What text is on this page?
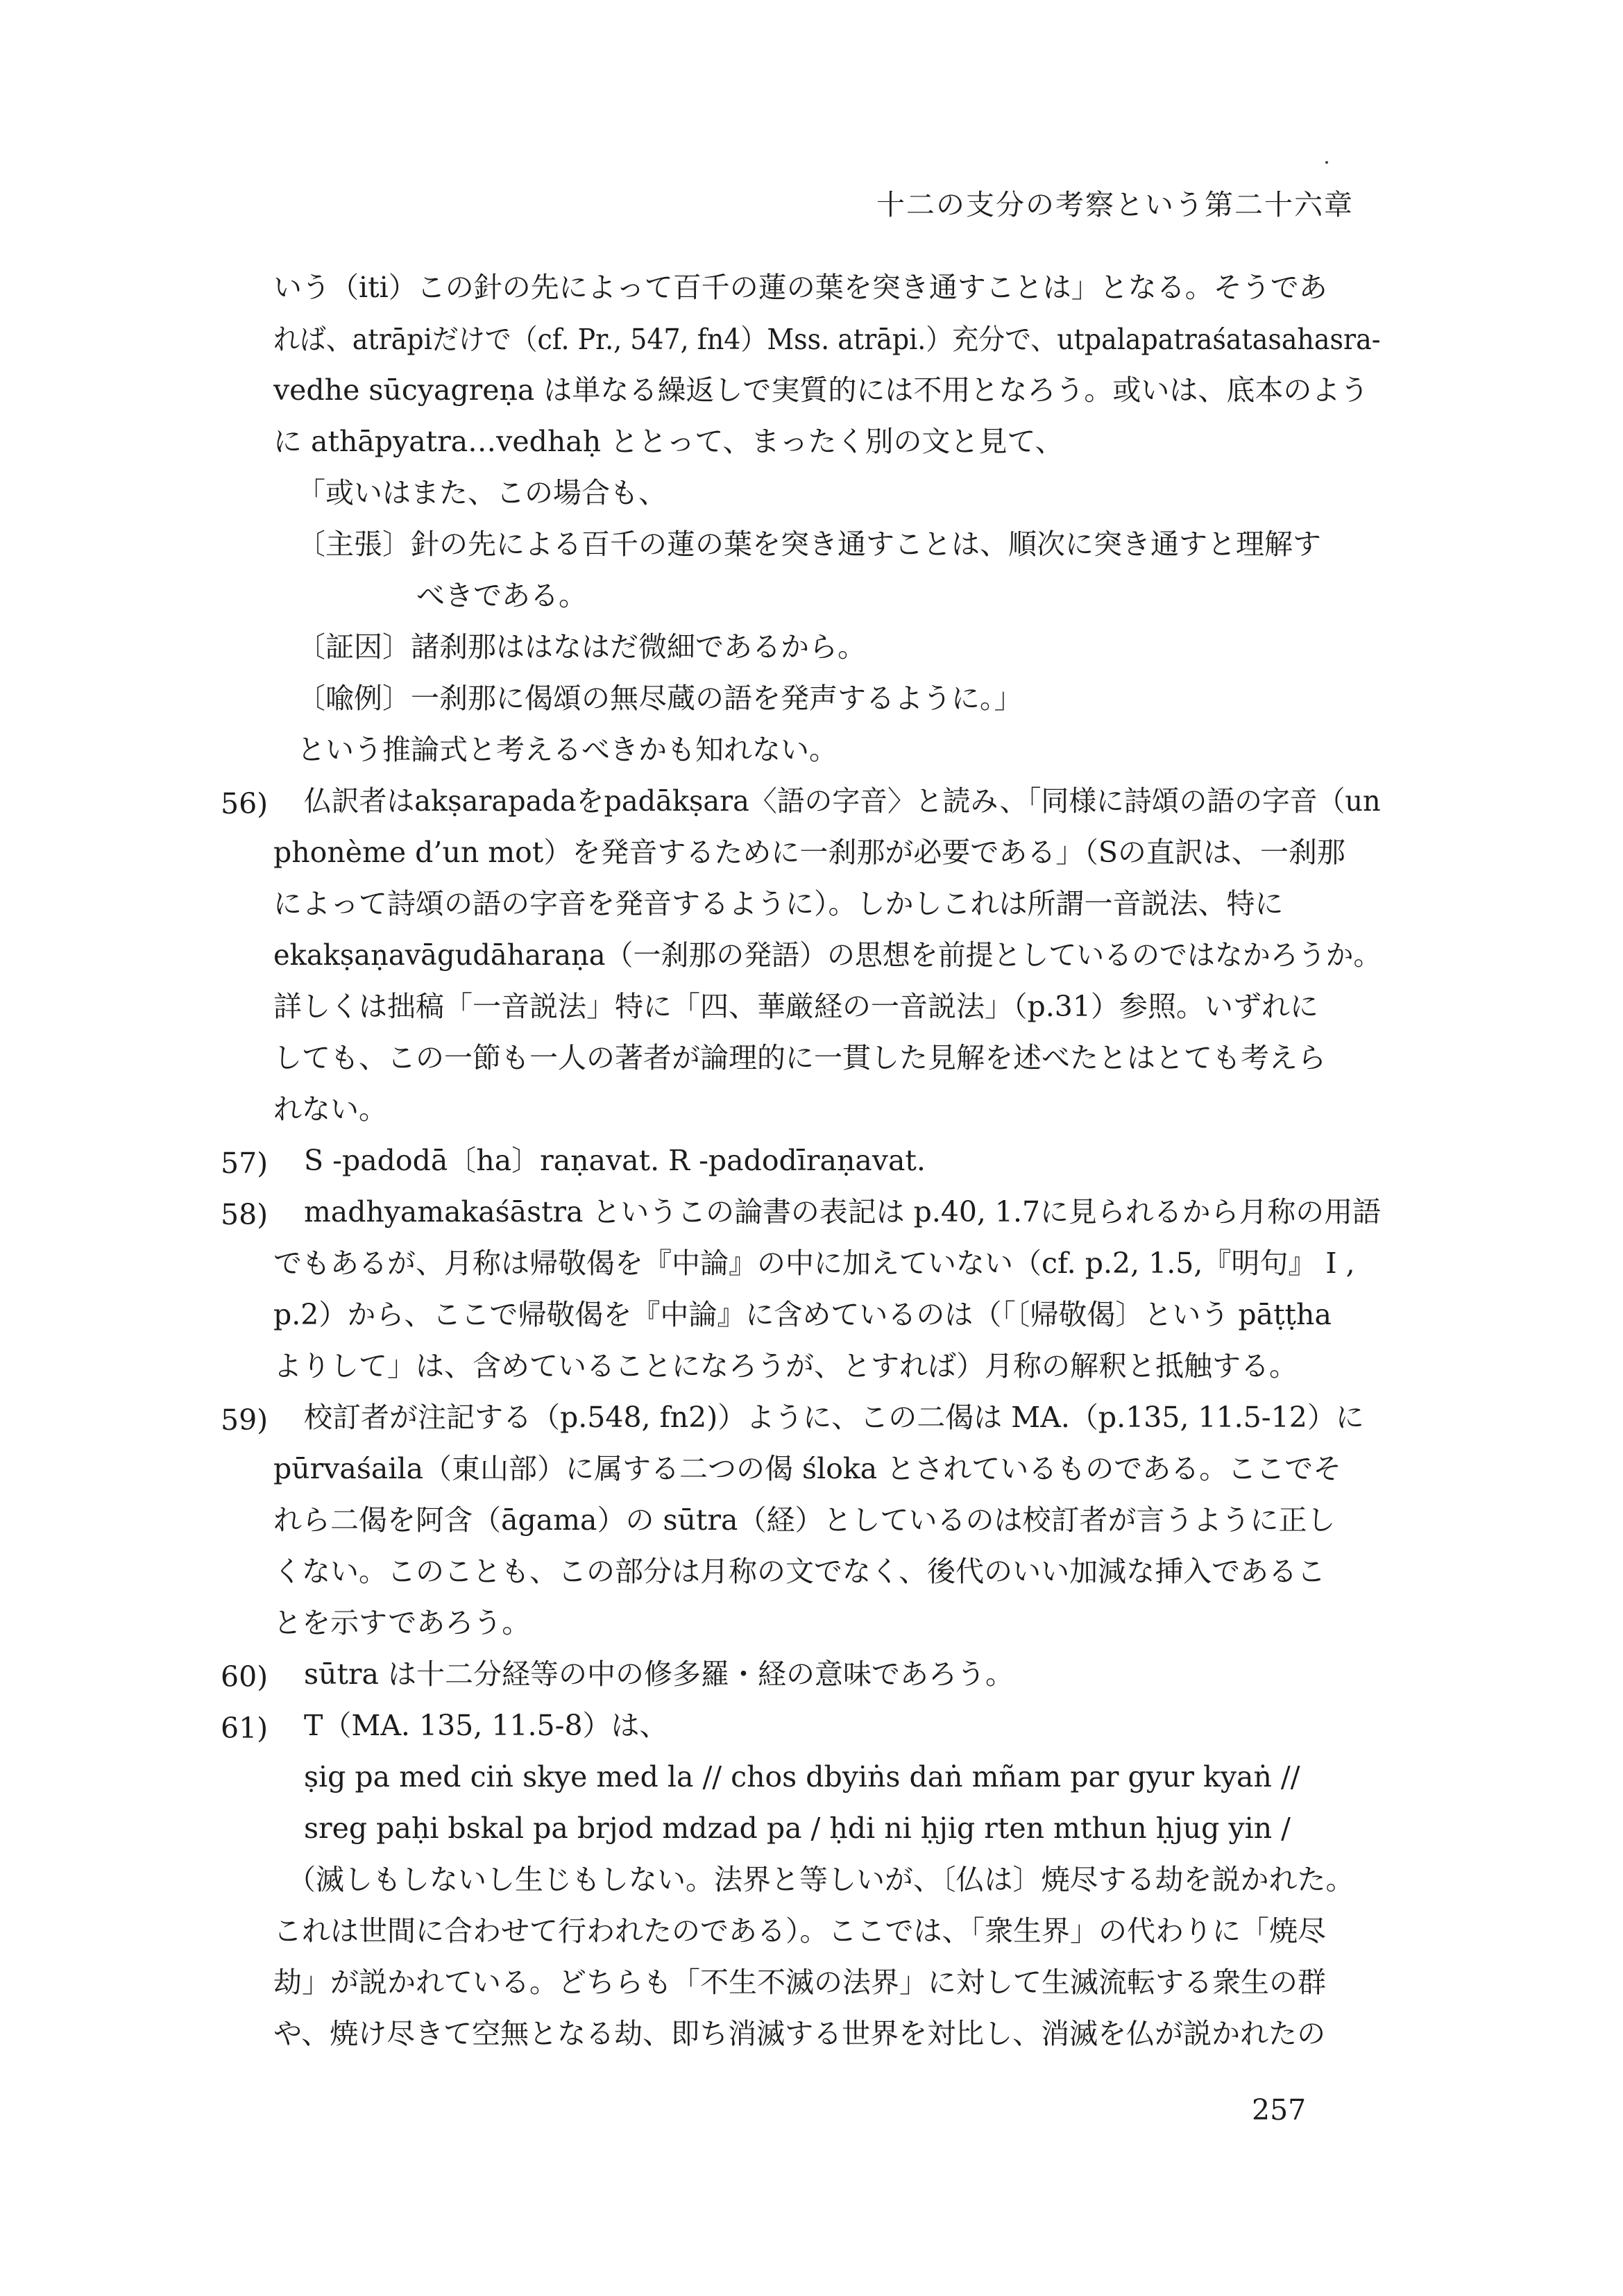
十二の支分の考察という第二十六章
いう（iti）この針の先によって百千の蓮の葉を突き通すことは」となる。そうであ
れば、atrāpiだけで（cf. Pr., 547, fn4）Mss. atrāpi.）充分で、utpalapatraśatasahasra-
vedhe sūcyagreṇa は単なる繰返しで実質的には不用となろう。或いは、底本のよう
に athāpyatra…vedhaḥ ととって、まったく別の文と見て、
「或いはまた、この場合も、
〔主張〕針の先による百千の蓮の葉を突き通すことは、順次に突き通すと理解す
べきである。
〔証因〕諸刹那ははなはだ微細であるから。
〔喩例〕一刹那に偈頌の無尽蔵の語を発声するように。」
という推論式と考えるべきかも知れない。
56) 仏訳者はakṣarapadaをpadākṣara〈語の字音〉と読み、「同様に詩頌の語の字音（un
phonème d’un mot）を発音するために一刹那が必要である」（Sの直訳は、一刹那
によって詩頌の語の字音を発音するように）。しかしこれは所謂一音説法、特に
ekakṣaṇavāgudāharaṇa（一刹那の発語）の思想を前提としているのではなかろうか。
詳しくは拙稿「一音説法」特に「四、華厳経の一音説法」（p.31）参照。いずれに
しても、この一節も一人の著者が論理的に一貫した見解を述べたとはとても考えら
れない。
57) S -padodā〔ha〕raṇavat. R -padodīraṇavat.
58) madhyamakaśāstra というこの論書の表記は p.40, 1.7に見られるから月称の用語
でもあるが、月称は帰敬偈を『中論』の中に加えていない（cf. p.2, 1.5,『明句』 I ,
p.2）から、ここで帰敬偈を『中論』に含めているのは（「〔帰敬偈〕という pāṭṭha
よりして」は、含めていることになろうが、とすれば）月称の解釈と抵触する。
59) 校訂者が注記する（p.548, fn2)）ように、この二偈は MA.（p.135, 11.5-12）に
pūrvaśaila（東山部）に属する二つの偈 śloka とされているものである。ここでそ
れら二偈を阿含（āgama）の sūtra（経）としているのは校訂者が言うように正し
くない。このことも、この部分は月称の文でなく、後代のいい加減な挿入であるこ
とを示すであろう。
60) sūtra は十二分経等の中の修多羅・経の意味であろう。
61) T（MA. 135, 11.5-8）は、
ṣig pa med ciṅ skye med la // chos dbyiṅs daṅ mñam par gyur kyaṅ //
sreg paḥi bskal pa brjod mdzad pa / ḥdi ni ḥjig rten mthun ḥjug yin /
（滅しもしないし生じもしない。法界と等しいが、〔仏は〕焼尽する劫を説かれた。
これは世間に合わせて行われたのである）。ここでは、「衆生界」の代わりに「焼尽
劫」が説かれている。どちらも「不生不滅の法界」に対して生滅流転する衆生の群
や、焼け尽きて空無となる劫、即ち消滅する世界を対比し、消滅を仏が説かれたの
257
